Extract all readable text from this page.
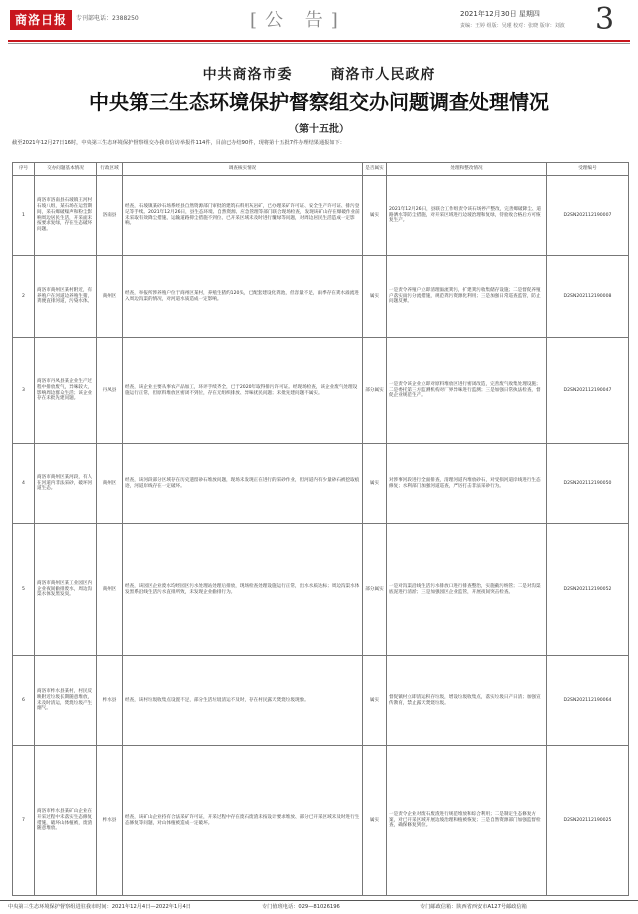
商洛日报	专刊部电话：2388250	[公 告]	2021年12月30日 星期四
责编：王婷 组版：吴瑾 校对：张晓 版审：刘波 3
中共商洛市委	商洛市人民政府
中央第三生态环境保护督察组交办问题调查处理情况
（第十五批）
截至2021年12月27日16时，中央第三生态环境保护督察组交办我市信访举报件114件，目前已办结90件，现将第十五批7件办理结果通报如下：
序号	交办问题基本情况	行政区域	调查核实情况	是否属实	处理和整改情况	受理编号
1	商洛市洛南县石坡镇王河村石坡八组，某石场在运营期间，采石爆破噪声和粉尘影响周边居民生活，开采面未按要求复绿，存在生态破坏问题。	洛南县	经查，石坡镇某砂石场系经县自然资源部门审批的建筑石料用灰岩矿，已办理采矿许可证、安全生产许可证、排污登记等手续。2021年12月26日，县生态环境、自然资源、应急管理等部门联合现场检查，发现该矿山存在爆破作业前未采取有效降尘措施、运输道路抑尘措施不到位、已开采区域未及时进行覆绿等问题，对周边居民生活造成一定影响。	属实	2021年12月26日，县联合工作组责令该石场停产整改，完善爆破降尘、道路洒水等防尘措施，对开采区域进行边坡治理和复绿，待验收合格后方可恢复生产。	D2SN202112190007
2	商洛市商州区某村附近，有养殖户在河道边养殖生猪，粪便直排河道，污染水体。	商州区	经查，举报所涉养殖户位于商州区某村，养殖生猪约120头，已配套建设化粪池，但容量不足，雨季存在粪水溢流进入周边沟渠的情况，对河道水质造成一定影响。	属实	一是责令养殖户立即清理溢流粪污，扩建粪污收集储存设施；二是督促养殖户落实雨污分流措施，规范粪污资源化利用；三是加强日常巡查监管，防止问题反弹。	D2SN202112190008
3	商洛市丹凤县某企业生产过程中排放废气，异味较大，影响周边群众生活；该企业存在未批先建问题。	丹凤县	经查，该企业主要从事农产品加工，环评手续齐全，已于2020年取得排污许可证。经现场检查，该企业废气处理设施运行正常，但原料堆放区密闭不到位，存在无组织排放、异味扰民问题；未批先建问题不属实。	部分属实	一是责令该企业立即对原料堆放区进行密闭改造，完善废气收集处理设施；二是委托第三方监测机构对厂界异味进行监测；三是加强日常执法检查，督促企业规范生产。	D2SN202112190047
4	商洛市商州区某河段，有人在河道内非法采砂，破坏河道生态。	商州区	经查，该河段部分区域存在历史遗留砂石堆放问题，现场未发现正在进行的采砂作业，但河道内有少量砂石被挖取痕迹，河道岸线存在一定破坏。	属实	对涉事河段进行全面排查，清理河道内堆放砂石，对受损河道岸线进行生态修复；水利部门加强河道巡查，严厉打击非法采砂行为。	D2SN202112190050
5	商洛市商州区某工业园区内企业夜间偷排废水，周边沟渠水体发黑发臭。	商州区	经查，该园区企业废水均经园区污水处理站处理后排放，现场检查处理设施运行正常，出水水质达标；周边沟渠水体发黑系沿线生活污水直排所致，未发现企业偷排行为。	部分属实	一是对沟渠沿线生活污水排放口进行排查整治，实施截污纳管；二是对沟渠底泥进行清淤；三是加强园区企业监管，开展夜间突击检查。	D2SN202112190052
6	商洛市柞水县某村，村民反映附近垃圾长期随意堆放，未及时清运，焚烧垃圾产生烟气。	柞水县	经查，该村垃圾收集点设置不足，部分生活垃圾清运不及时，存在村民露天焚烧垃圾现象。	属实	督促镇村立即清运积存垃圾，增设垃圾收集点，落实垃圾日产日清；加强宣传教育，禁止露天焚烧垃圾。	D2SN202112190064
7	商洛市柞水县某矿山企业在开采过程中未落实生态修复措施，破坏山体植被，废渣随意堆放。	柞水县	经查，该矿山企业持有合法采矿许可证，开采过程中存在废石废渣未按设计要求堆放、部分已开采区域未及时进行生态修复等问题，对山体植被造成一定破坏。	属实	一是责令企业对废石废渣进行规范堆放和综合利用；二是制定生态修复方案，对已开采区域开展边坡治理和植被恢复；三是自然资源部门加强监督检查，确保修复到位。	D2SN202112190025
中央第三生态环境保护督察组进驻我市时间：2021年12月4日—2022年1月4日	专门值班电话：029—81026196	专门邮政信箱：陕西省西安市A127号邮政信箱
